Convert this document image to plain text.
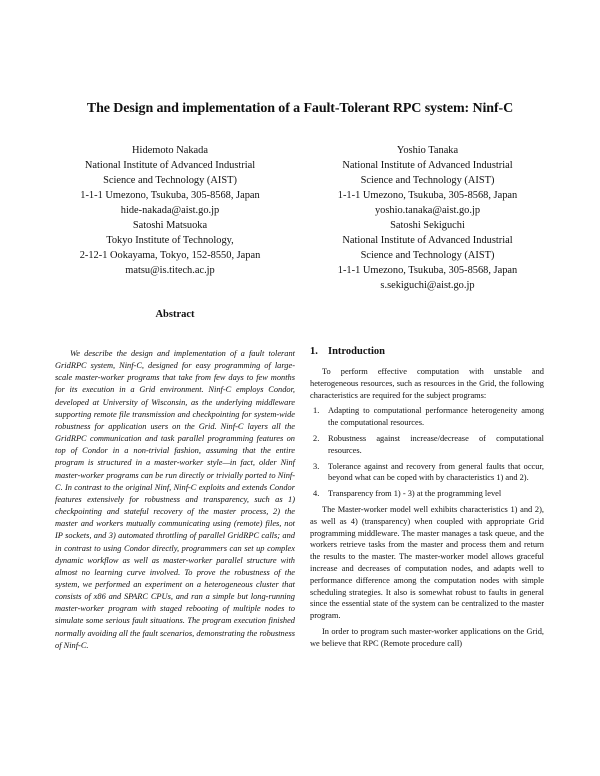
The Design and implementation of a Fault-Tolerant RPC system: Ninf-C
Hidemoto Nakada
National Institute of Advanced Industrial
Science and Technology (AIST)
1-1-1 Umezono, Tsukuba, 305-8568, Japan
hide-nakada@aist.go.jp
Yoshio Tanaka
National Institute of Advanced Industrial
Science and Technology (AIST)
1-1-1 Umezono, Tsukuba, 305-8568, Japan
yoshio.tanaka@aist.go.jp
Satoshi Matsuoka
Tokyo Institute of Technology,
2-12-1 Ookayama, Tokyo, 152-8550, Japan
matsu@is.titech.ac.jp
Satoshi Sekiguchi
National Institute of Advanced Industrial
Science and Technology (AIST)
1-1-1 Umezono, Tsukuba, 305-8568, Japan
s.sekiguchi@aist.go.jp
Abstract

We describe the design and implementation of a fault tolerant GridRPC system, Ninf-C, designed for easy programming of large-scale master-worker programs that take from few days to few months for its execution in a Grid environment. Ninf-C employs Condor, developed at University of Wisconsin, as the underlying middleware supporting remote file transmission and checkpointing for system-wide robustness for application users on the Grid. Ninf-C layers all the GridRPC communication and task parallel programming features on top of Condor in a non-trivial fashion, assuming that the entire program is structured in a master-worker style—in fact, older Ninf master-worker programs can be run directly or trivially ported to Ninf-C. In contrast to the original Ninf, Ninf-C exploits and extends Condor features extensively for robustness and transparency, such as 1) checkpointing and stateful recovery of the master process, 2) the master and workers mutually communicating using (remote) files, not IP sockets, and 3) automated throttling of parallel GridRPC calls; and in contrast to using Condor directly, programmers can set up complex dynamic workflow as well as master-worker parallel structure with almost no learning curve involved. To prove the robustness of the system, we performed an experiment on a heterogeneous cluster that consists of x86 and SPARC CPUs, and ran a simple but long-running master-worker program with staged rebooting of multiple nodes to simulate some serious fault situations. The program execution finished normally avoiding all the fault scenarios, demonstrating the robustness of Ninf-C.

1. Introduction

To perform effective computation with unstable and heterogeneous resources, such as resources in the Grid, the following characteristics are required for the subject programs:

1. Adapting to computational performance heterogeneity among the computational resources.
2. Robustness against increase/decrease of computational resources.
3. Tolerance against and recovery from general faults that occur, beyond what can be coped with by characteristics 1) and 2).
4. Transparency from 1) - 3) at the programming level

The Master-worker model well exhibits characteristics 1) and 2), as well as 4) (transparency) when coupled with appropriate Grid programming middleware. The master manages a task queue, and the workers retrieve tasks from the master and process them and return the results to the master. The master-worker model allows graceful increase and decreases of computation nodes, and adapts well to performance difference among the computation nodes with simple scheduling strategies. It also is somewhat robust to faults in general since the essential state of the system can be centralized to the master program.

In order to program such master-worker applications on the Grid, we believe that RPC (Remote procedure call)
